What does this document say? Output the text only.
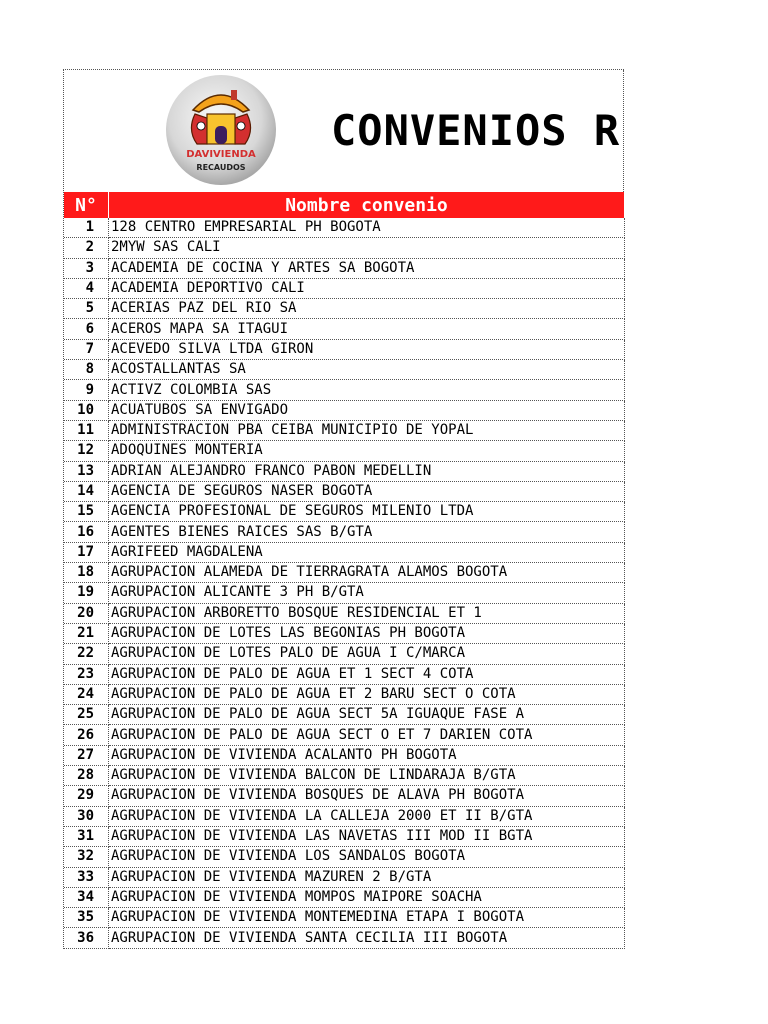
DAVIVIENDA
RECAUDOS
CONVENIOS R
N°	Nombre convenio
1	128 CENTRO EMPRESARIAL PH BOGOTA
2	2MYW SAS CALI
3	ACADEMIA DE COCINA Y ARTES SA BOGOTA
4	ACADEMIA DEPORTIVO CALI
5	ACERIAS PAZ DEL RIO SA
6	ACEROS MAPA SA ITAGUI
7	ACEVEDO SILVA LTDA GIRON
8	ACOSTALLANTAS SA
9	ACTIVZ COLOMBIA SAS
10	ACUATUBOS SA ENVIGADO
11	ADMINISTRACION PBA CEIBA MUNICIPIO DE YOPAL
12	ADOQUINES MONTERIA
13	ADRIAN ALEJANDRO FRANCO PABON MEDELLIN
14	AGENCIA DE SEGUROS NASER BOGOTA
15	AGENCIA PROFESIONAL DE SEGUROS MILENIO LTDA
16	AGENTES BIENES RAICES SAS B/GTA
17	AGRIFEED MAGDALENA
18	AGRUPACION ALAMEDA DE TIERRAGRATA ALAMOS BOGOTA
19	AGRUPACION ALICANTE 3 PH B/GTA
20	AGRUPACION ARBORETTO BOSQUE RESIDENCIAL ET 1
21	AGRUPACION DE LOTES LAS BEGONIAS PH BOGOTA
22	AGRUPACION DE LOTES PALO DE AGUA I C/MARCA
23	AGRUPACION DE PALO DE AGUA ET 1 SECT 4 COTA
24	AGRUPACION DE PALO DE AGUA ET 2 BARU SECT O COTA
25	AGRUPACION DE PALO DE AGUA SECT 5A IGUAQUE FASE A
26	AGRUPACION DE PALO DE AGUA SECT O ET 7 DARIEN COTA
27	AGRUPACION DE VIVIENDA ACALANTO PH BOGOTA
28	AGRUPACION DE VIVIENDA BALCON DE LINDARAJA B/GTA
29	AGRUPACION DE VIVIENDA BOSQUES DE ALAVA PH BOGOTA
30	AGRUPACION DE VIVIENDA LA CALLEJA 2000 ET II B/GTA
31	AGRUPACION DE VIVIENDA LAS NAVETAS III MOD II BGTA
32	AGRUPACION DE VIVIENDA LOS SANDALOS BOGOTA
33	AGRUPACION DE VIVIENDA MAZUREN 2 B/GTA
34	AGRUPACION DE VIVIENDA MOMPOS MAIPORE SOACHA
35	AGRUPACION DE VIVIENDA MONTEMEDINA ETAPA I BOGOTA
36	AGRUPACION DE VIVIENDA SANTA CECILIA III BOGOTA
